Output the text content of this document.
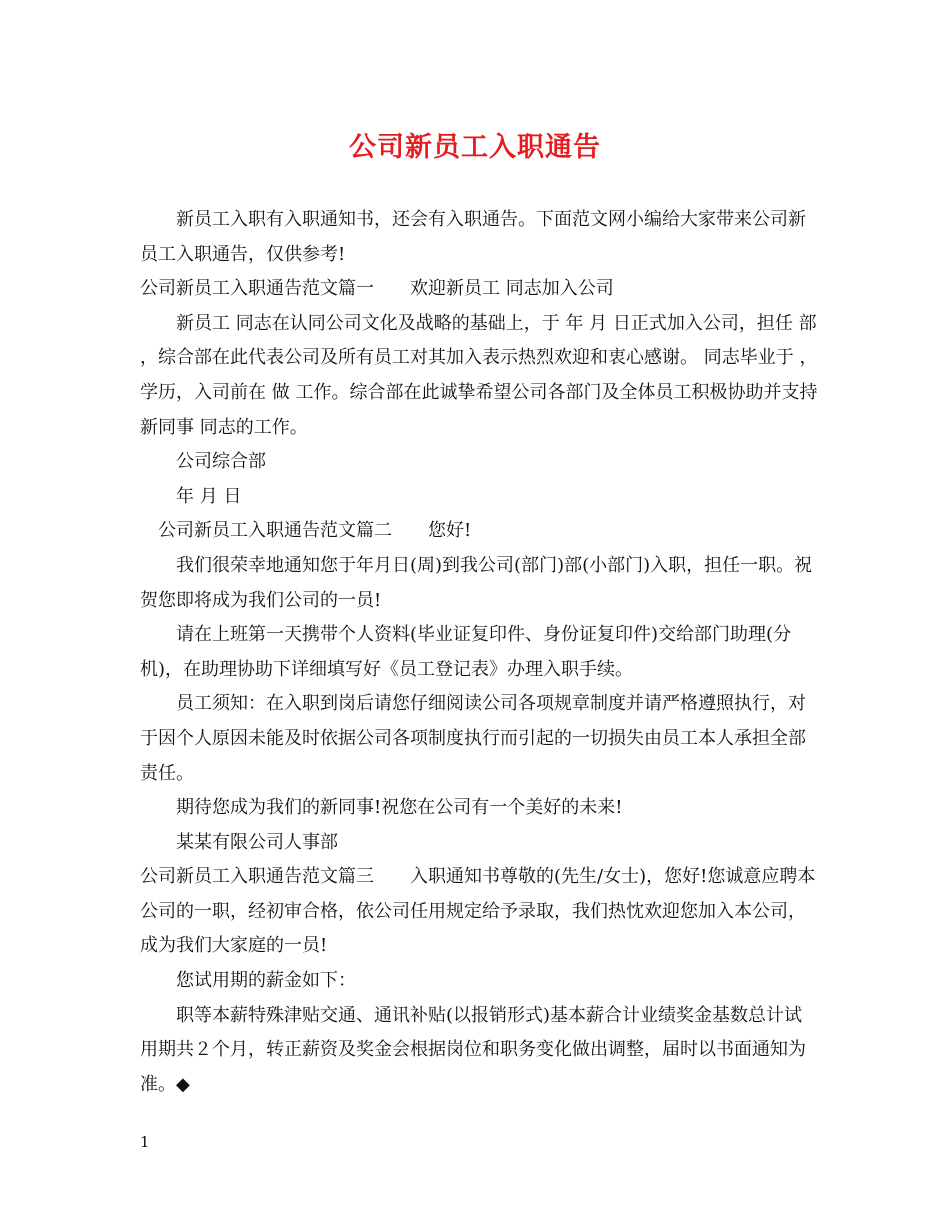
公司新员工入职通告

新员工入职有入职通知书，还会有入职通告。下面范文网小编给大家带来公司新员工入职通告，仅供参考!

公司新员工入职通告范文篇一　　欢迎新员工 同志加入公司

新员工 同志在认同公司文化及战略的基础上，于 年 月 日正式加入公司，担任 部 ，综合部在此代表公司及所有员工对其加入表示热烈欢迎和衷心感谢。 同志毕业于 ， 学历，入司前在 做 工作。综合部在此诚挚希望公司各部门及全体员工积极协助并支持新同事 同志的工作。

公司综合部

年 月 日

公司新员工入职通告范文篇二　　您好!

我们很荣幸地通知您于年月日(周)到我公司(部门)部(小部门)入职，担任一职。祝贺您即将成为我们公司的一员!

请在上班第一天携带个人资料(毕业证复印件、身份证复印件)交给部门助理(分机)，在助理协助下详细填写好《员工登记表》办理入职手续。

员工须知：在入职到岗后请您仔细阅读公司各项规章制度并请严格遵照执行，对于因个人原因未能及时依据公司各项制度执行而引起的一切损失由员工本人承担全部责任。

期待您成为我们的新同事!祝您在公司有一个美好的未来!

某某有限公司人事部

公司新员工入职通告范文篇三　　入职通知书尊敬的(先生/女士)，您好!您诚意应聘本公司的一职，经初审合格，依公司任用规定给予录取，我们热忱欢迎您加入本公司，成为我们大家庭的一员!

您试用期的薪金如下：

职等本薪特殊津贴交通、通讯补贴(以报销形式)基本薪合计业绩奖金基数总计试用期共２个月，转正薪资及奖金会根据岗位和职务变化做出调整，届时以书面通知为准。◆

1
